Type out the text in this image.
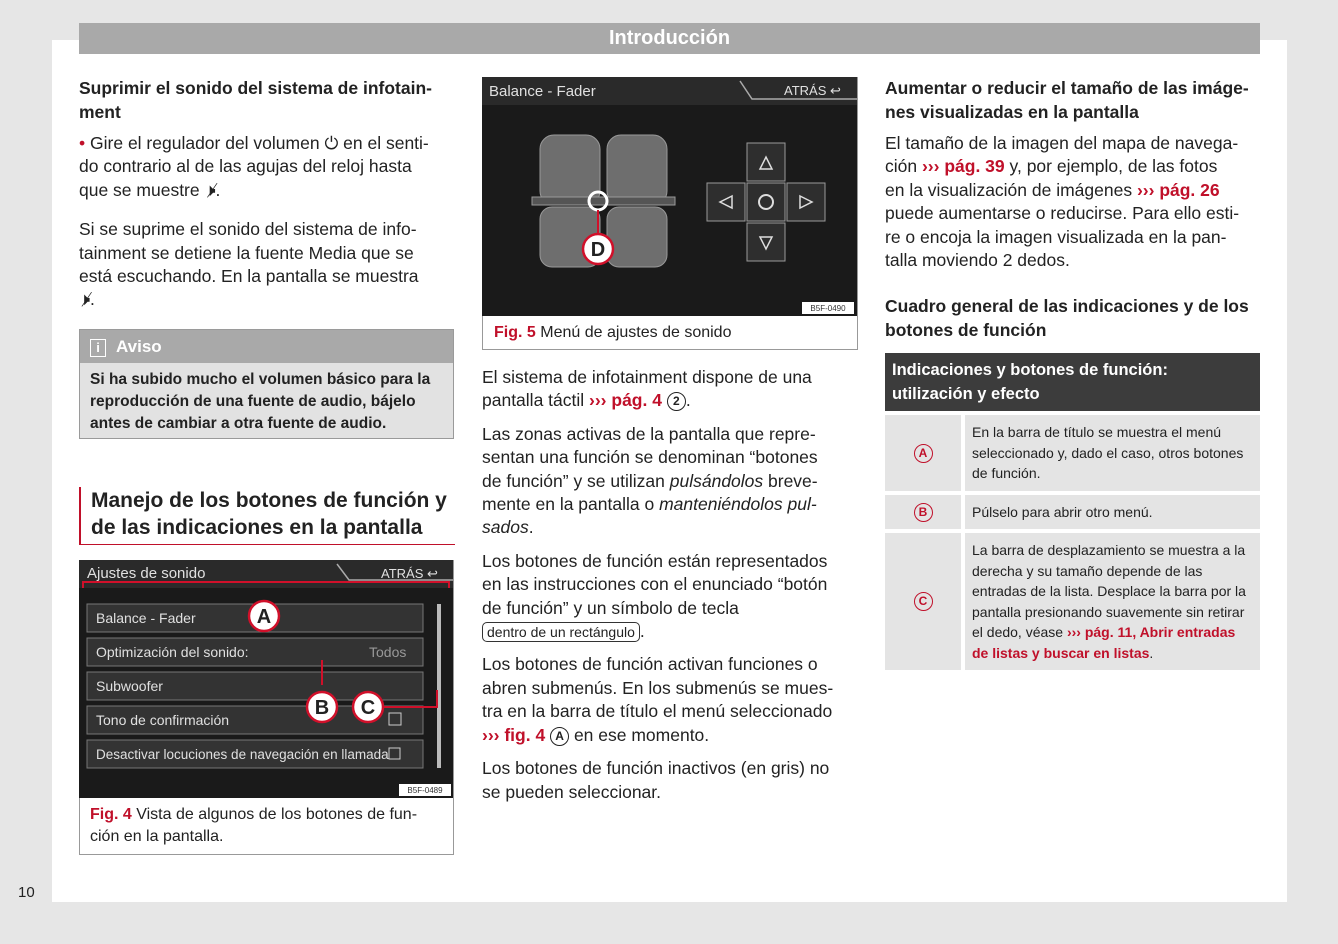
Introducción
10

Suprimir el sonido del sistema de infotain-
ment

• Gire el regulador del volumen ⏻ en el senti-
do contrario al de las agujas del reloj hasta
que se muestre 🕨̸.

Si se suprime el sonido del sistema de info-
tainment se detiene la fuente Media que se
está escuchando. En la pantalla se muestra
🕨̸.

i Aviso
Si ha subido mucho el volumen básico para la
reproducción de una fuente de audio, bájelo
antes de cambiar a otra fuente de audio.
Manejo de los botones de función y
de las indicaciones en la pantalla
Ajustes de sonido	ATRÁS ↩
Balance - Fader
Optimización del sonido:	Todos
Subwoofer
Tono de confirmación
Desactivar locuciones de navegación en llamada
A
B C
B5F-0489
Fig. 4 Vista de algunos de los botones de fun-
ción en la pantalla.
Balance - Fader	ATRÁS ↩
D
B5F-0490
Fig. 5 Menú de ajustes de sonido

El sistema de infotainment dispone de una
pantalla táctil ››› pág. 4 2 .

Las zonas activas de la pantalla que repre-
sentan una función se denominan “botones
de función” y se utilizan pulsándolos breve-
mente en la pantalla o manteniéndolos pul-
sados.

Los botones de función están representados
en las instrucciones con el enunciado “botón
de función” y un símbolo de tecla
dentro de un rectángulo .

Los botones de función activan funciones o
abren submenús. En los submenús se mues-
tra en la barra de título el menú seleccionado
››› fig. 4 A en ese momento.

Los botones de función inactivos (en gris) no
se pueden seleccionar.

Aumentar o reducir el tamaño de las imáge-
nes visualizadas en la pantalla

El tamaño de la imagen del mapa de navega-
ción ››› pág. 39 y, por ejemplo, de las fotos
en la visualización de imágenes ››› pág. 26
puede aumentarse o reducirse. Para ello esti-
re o encoja la imagen visualizada en la pan-
talla moviendo 2 dedos.

Cuadro general de las indicaciones y de los
botones de función

Indicaciones y botones de función: utilización y efecto	
A	En la barra de título se muestra el menú seleccionado y, dado el caso, otros botones de función.
B	Púlselo para abrir otro menú.
C	La barra de desplazamiento se muestra a la derecha y su tamaño depende de las entradas de la lista. Desplace la barra por la pantalla presionando suavemente sin retirar el dedo, véase ››› pág. 11, Abrir entradas de listas y buscar en listas.
